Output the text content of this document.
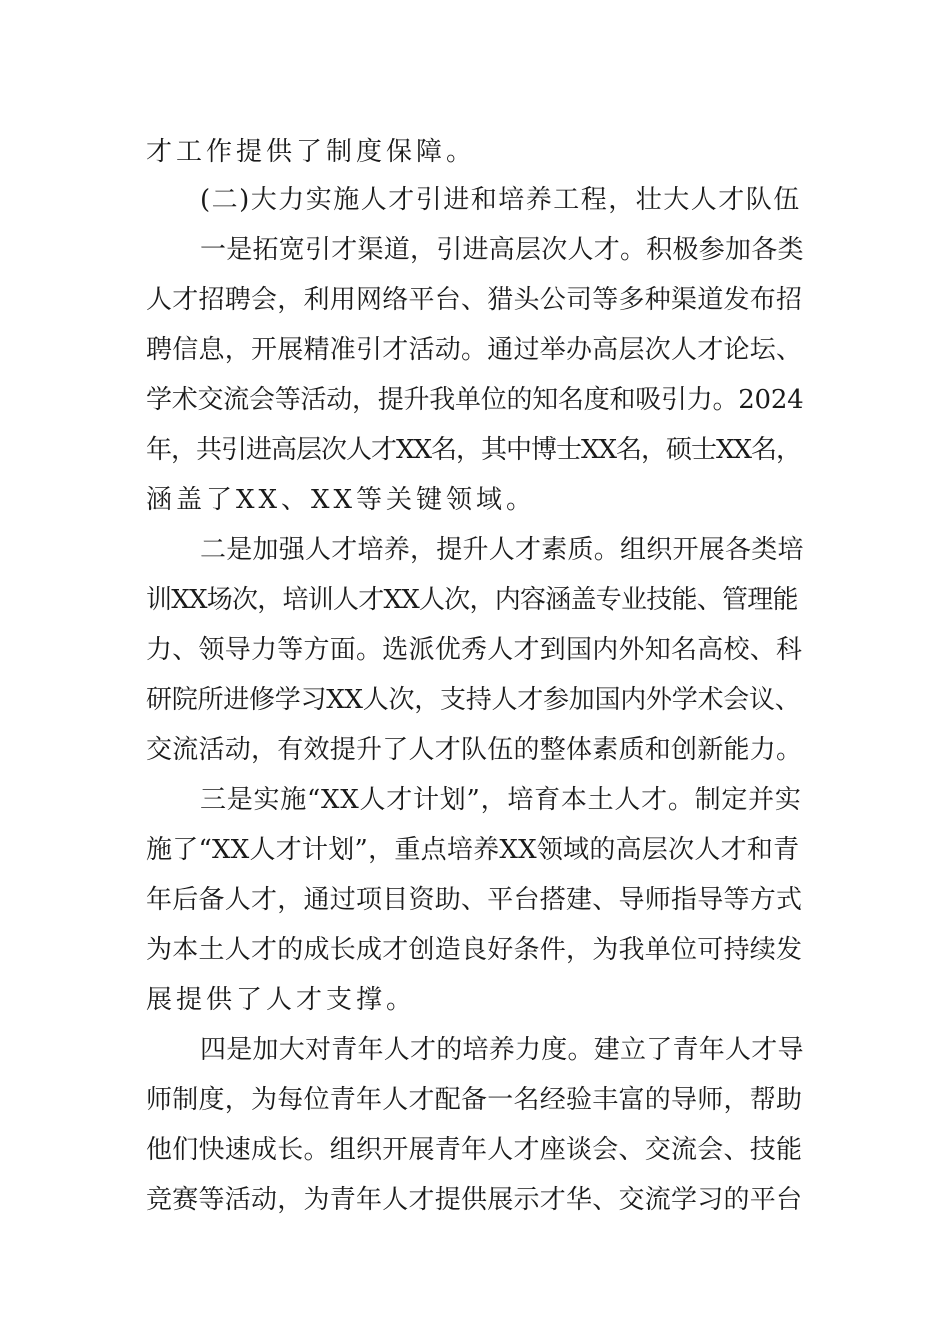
才工作提供了制度保障。
(二)大力实施人才引进和培养工程，壮大人才队伍
一是拓宽引才渠道，引进高层次人才。积极参加各类
人才招聘会，利用网络平台、猎头公司等多种渠道发布招
聘信息，开展精准引才活动。通过举办高层次人才论坛、
学术交流会等活动，提升我单位的知名度和吸引力。2024
年，共引进高层次人才XX名，其中博士XX名，硕士XX名，
涵盖了XX、XX等关键领域。
二是加强人才培养，提升人才素质。组织开展各类培
训XX场次，培训人才XX人次，内容涵盖专业技能、管理能
力、领导力等方面。选派优秀人才到国内外知名高校、科
研院所进修学习XX人次，支持人才参加国内外学术会议、
交流活动，有效提升了人才队伍的整体素质和创新能力。
三是实施“XX人才计划”，培育本土人才。制定并实
施了“XX人才计划”，重点培养XX领域的高层次人才和青
年后备人才，通过项目资助、平台搭建、导师指导等方式
为本土人才的成长成才创造良好条件，为我单位可持续发
展提供了人才支撑。
四是加大对青年人才的培养力度。建立了青年人才导
师制度，为每位青年人才配备一名经验丰富的导师，帮助
他们快速成长。组织开展青年人才座谈会、交流会、技能
竞赛等活动，为青年人才提供展示才华、交流学习的平台
